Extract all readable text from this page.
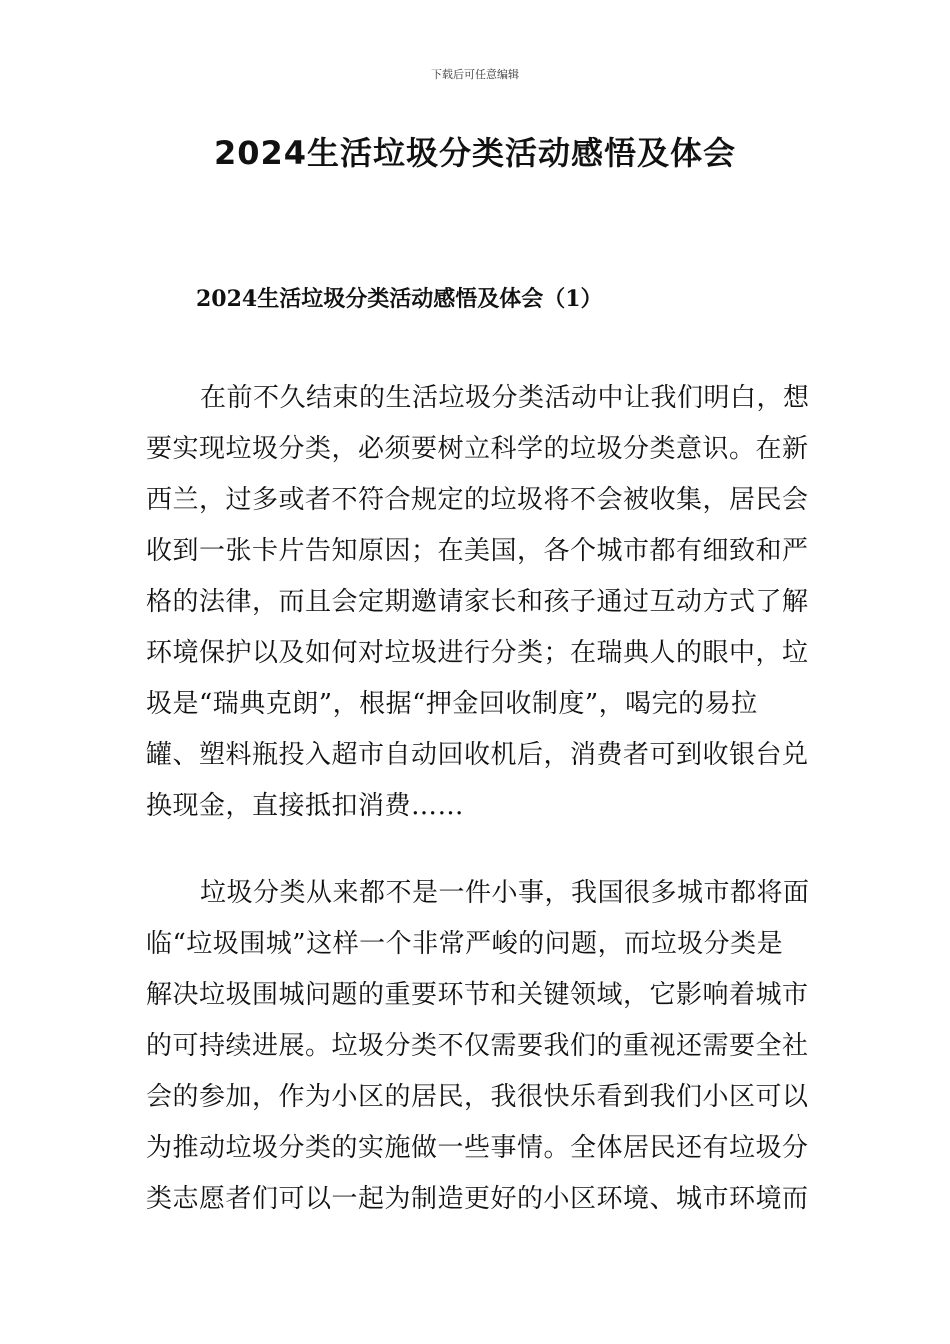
下载后可任意编辑
2024生活垃圾分类活动感悟及体会
2024生活垃圾分类活动感悟及体会（1）
在前不久结束的生活垃圾分类活动中让我们明白，想
要实现垃圾分类，必须要树立科学的垃圾分类意识。在新
西兰，过多或者不符合规定的垃圾将不会被收集，居民会
收到一张卡片告知原因；在美国，各个城市都有细致和严
格的法律，而且会定期邀请家长和孩子通过互动方式了解
环境保护以及如何对垃圾进行分类；在瑞典人的眼中，垃
圾是“瑞典克朗”，根据“押金回收制度”，喝完的易拉
罐、塑料瓶投入超市自动回收机后，消费者可到收银台兑
换现金，直接抵扣消费……
垃圾分类从来都不是一件小事，我国很多城市都将面
临“垃圾围城”这样一个非常严峻的问题，而垃圾分类是
解决垃圾围城问题的重要环节和关键领域，它影响着城市
的可持续进展。垃圾分类不仅需要我们的重视还需要全社
会的参加，作为小区的居民，我很快乐看到我们小区可以
为推动垃圾分类的实施做一些事情。全体居民还有垃圾分
类志愿者们可以一起为制造更好的小区环境、城市环境而
